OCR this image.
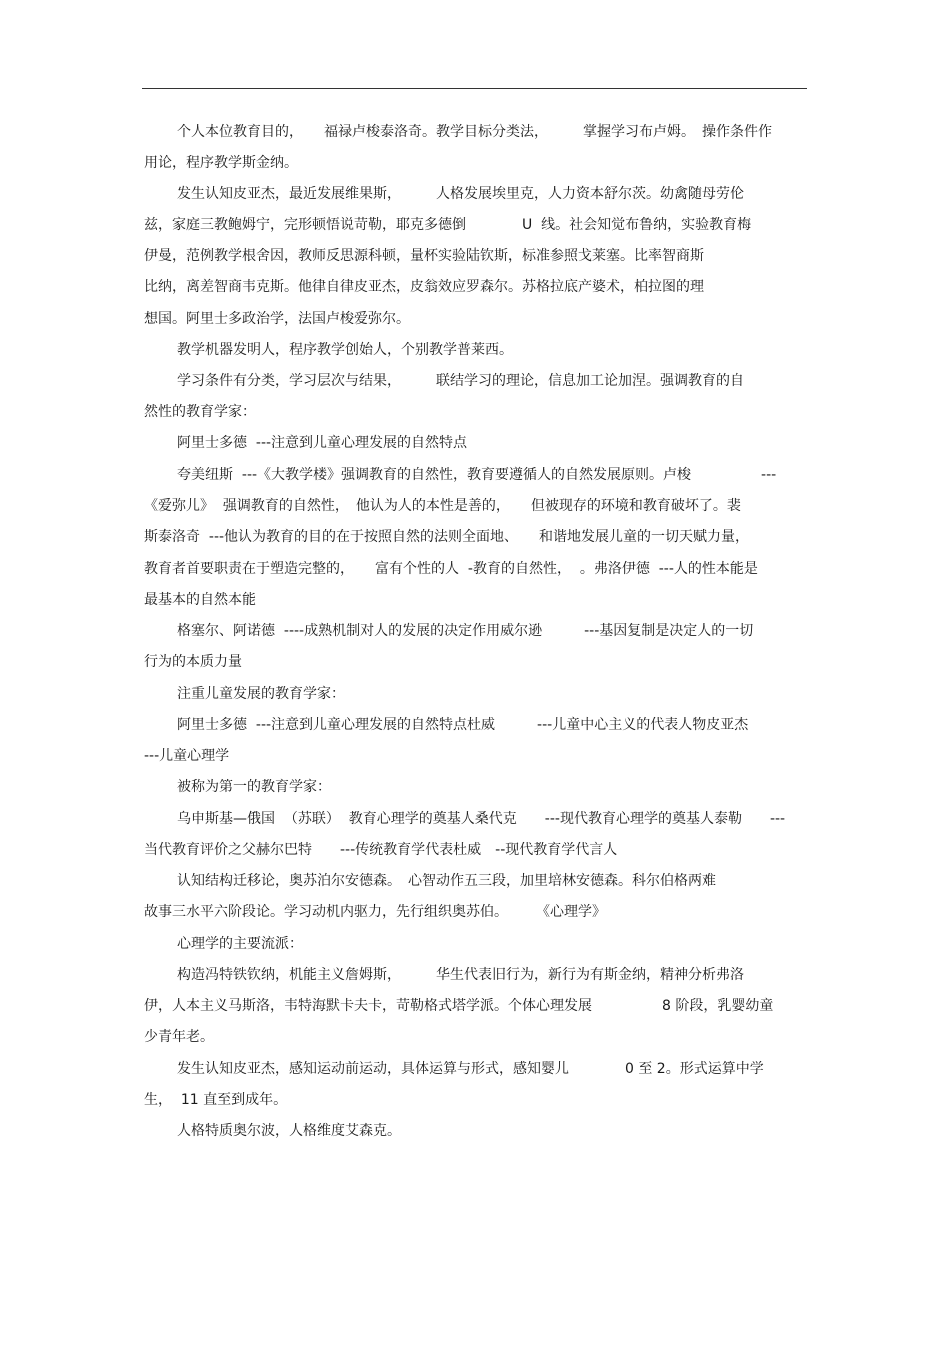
个人本位教育目的，　　福禄卢梭泰洛奇。教学目标分类法，　　　掌握学习布卢姆。　操作条件作
用论，程序教学斯金纳。
发生认知皮亚杰，最近发展维果斯，　　　人格发展埃里克，人力资本舒尔茨。幼禽随母劳伦
兹，家庭三教鲍姆宁，完形顿悟说苛勒，耶克多德倒　　　　U  线。社会知觉布鲁纳，实验教育梅
伊曼，范例教学根舍因，教师反思源科顿，量杯实验陆钦斯，标准参照戈莱塞。比率智商斯
比纳，离差智商韦克斯。他律自律皮亚杰，皮翁效应罗森尔。苏格拉底产婆术，柏拉图的理
想国。阿里士多政治学，法国卢梭爱弥尔。
教学机器发明人，程序教学创始人，个别教学普莱西。
学习条件有分类，学习层次与结果，　　　联结学习的理论，信息加工论加涅。强调教育的自
然性的教育学家：
阿里士多德  ---注意到儿童心理发展的自然特点
夸美纽斯  ---《大教学楼》强调教育的自然性，教育要遵循人的自然发展原则。卢梭　　　　　---
《爱弥儿》  强调教育的自然性，　他认为人的本性是善的，　　但被现存的环境和教育破坏了。裴
斯泰洛奇  ---他认为教育的目的在于按照自然的法则全面地、　　和谐地发展儿童的一切天赋力量，
教育者首要职责在于塑造完整的，　　富有个性的人  -教育的自然性，  。弗洛伊德  ---人的性本能是
最基本的自然本能
格塞尔、阿诺德  ----成熟机制对人的发展的决定作用威尔逊　　　---基因复制是决定人的一切
行为的本质力量
注重儿童发展的教育学家：
阿里士多德  ---注意到儿童心理发展的自然特点杜威　　　---儿童中心主义的代表人物皮亚杰
---儿童心理学
被称为第一的教育学家：
乌申斯基—俄国  （苏联）  教育心理学的奠基人桑代克　　---现代教育心理学的奠基人泰勒　　---
当代教育评价之父赫尔巴特　　---传统教育学代表杜威　--现代教育学代言人
认知结构迁移论，奥苏泊尔安德森。　心智动作五三段，加里培林安德森。科尔伯格两难
故事三水平六阶段论。学习动机内驱力，先行组织奥苏伯。　　　《心理学》
心理学的主要流派：
构造冯特铁钦纳，机能主义詹姆斯，　　　华生代表旧行为，新行为有斯金纳，精神分析弗洛
伊，人本主义马斯洛，韦特海默卡夫卡，苛勒格式塔学派。个体心理发展　　　　　8 阶段，乳婴幼童
少青年老。
发生认知皮亚杰，感知运动前运动，具体运算与形式，感知婴儿　　　　0 至 2。形式运算中学
生，  11 直至到成年。
人格特质奥尔波，人格维度艾森克。
